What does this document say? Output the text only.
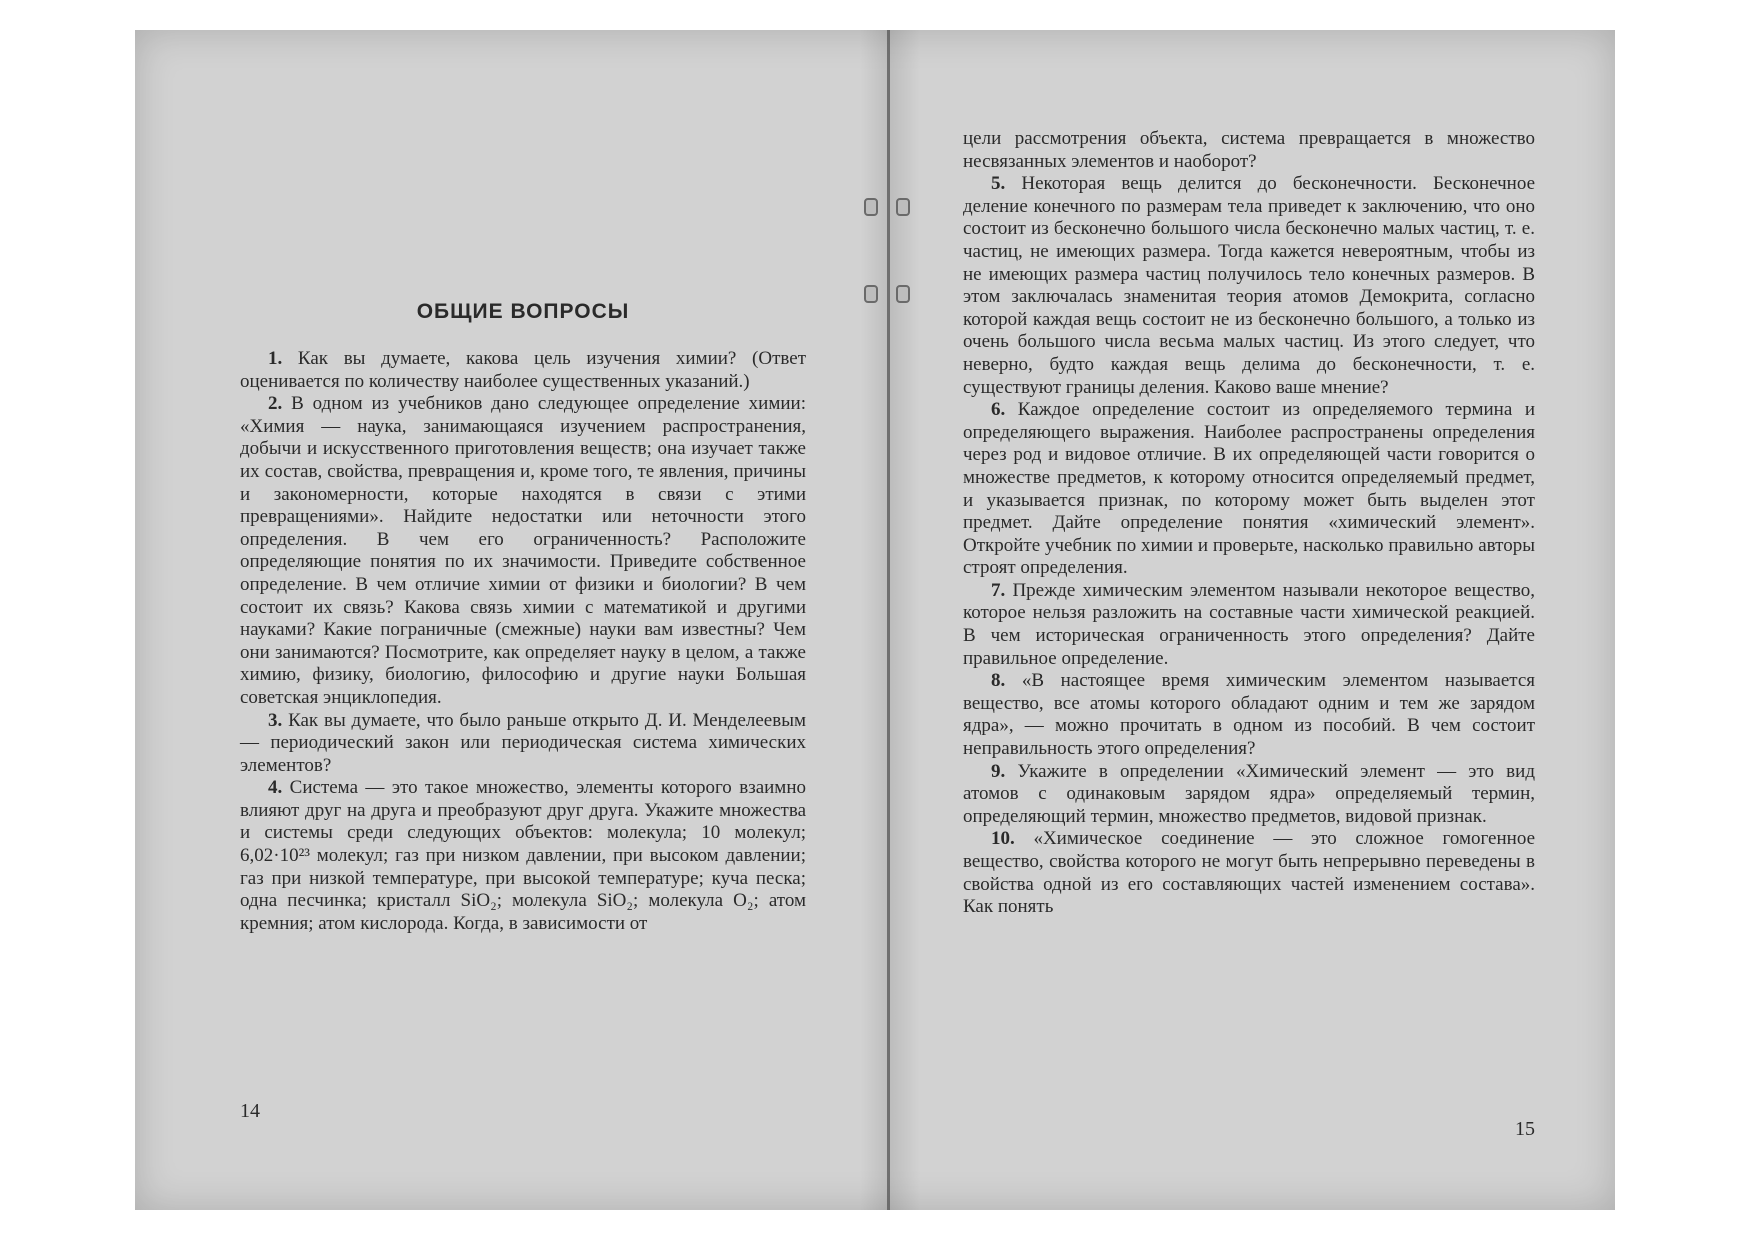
ОБЩИЕ ВОПРОСЫ

1. Как вы думаете, какова цель изучения химии? (Ответ оценивается по количеству наиболее существенных указаний.)

2. В одном из учебников дано следующее определение химии: «Химия — наука, занимающаяся изучением распространения, добычи и искусственного приготовления веществ; она изучает также их состав, свойства, превращения и, кроме того, те явления, причины и закономерности, которые находятся в связи с этими превращениями». Найдите недостатки или неточности этого определения. В чем его ограниченность? Расположите определяющие понятия по их значимости. Приведите собственное определение. В чем отличие химии от физики и биологии? В чем состоит их связь? Какова связь химии с математикой и другими науками? Какие пограничные (смежные) науки вам известны? Чем они занимаются? Посмотрите, как определяет науку в целом, а также химию, физику, биологию, философию и другие науки Большая советская энциклопедия.

3. Как вы думаете, что было раньше открыто Д. И. Менделеевым — периодический закон или периодическая система химических элементов?

4. Система — это такое множество, элементы которого взаимно влияют друг на друга и преобразуют друг друга. Укажите множества и системы среди следующих объектов: молекула; 10 молекул; 6,02·10²³ молекул; газ при низком давлении, при высоком давлении; газ при низкой температуре, при высокой температуре; куча песка; одна песчинка; кристалл SiO₂; молекула SiO₂; молекула O₂; атом кремния; атом кислорода. Когда, в зависимости от

14

цели рассмотрения объекта, система превращается в множество несвязанных элементов и наоборот?

5. Некоторая вещь делится до бесконечности. Бесконечное деление конечного по размерам тела приведет к заключению, что оно состоит из бесконечно большого числа бесконечно малых частиц, т. е. частиц, не имеющих размера. Тогда кажется невероятным, чтобы из не имеющих размера частиц получилось тело конечных размеров. В этом заключалась знаменитая теория атомов Демокрита, согласно которой каждая вещь состоит не из бесконечно большого, а только из очень большого числа весьма малых частиц. Из этого следует, что неверно, будто каждая вещь делима до бесконечности, т. е. существуют границы деления. Каково ваше мнение?

6. Каждое определение состоит из определяемого термина и определяющего выражения. Наиболее распространены определения через род и видовое отличие. В их определяющей части говорится о множестве предметов, к которому относится определяемый предмет, и указывается признак, по которому может быть выделен этот предмет. Дайте определение понятия «химический элемент». Откройте учебник по химии и проверьте, насколько правильно авторы строят определения.

7. Прежде химическим элементом называли некоторое вещество, которое нельзя разложить на составные части химической реакцией. В чем историческая ограниченность этого определения? Дайте правильное определение.

8. «В настоящее время химическим элементом называется вещество, все атомы которого обладают одним и тем же зарядом ядра», — можно прочитать в одном из пособий. В чем состоит неправильность этого определения?

9. Укажите в определении «Химический элемент — это вид атомов с одинаковым зарядом ядра» определяемый термин, определяющий термин, множество предметов, видовой признак.

10. «Химическое соединение — это сложное гомогенное вещество, свойства которого не могут быть непрерывно переведены в свойства одной из его составляющих частей изменением состава». Как понять

15
